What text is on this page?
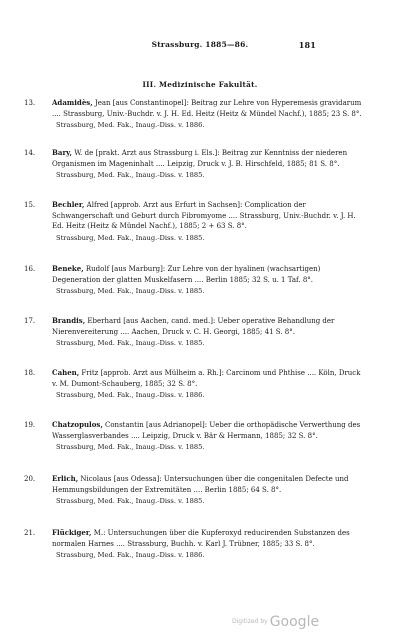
Strassburg. 1885—86.	181
III. Medizinische Fakultät.
13.	Adamidès, Jean [aus Constantinopel]: Beitrag zur Lehre von Hyperemesis gravidarum .... Strassburg, Univ.-Buchdr. v. J. H. Ed. Heitz (Heitz & Mündel Nachf.), 1885; 23 S. 8°.
Strassburg, Med. Fak., Inaug.-Diss. v. 1886.
14.	Bary, W. de [prakt. Arzt aus Strassburg i. Els.]: Beitrag zur Kenntniss der niederen Organismen im Mageninhalt .... Leipzig, Druck v. J. B. Hirschfeld, 1885; 81 S. 8°.
Strassburg, Med. Fak., Inaug.-Diss. v. 1885.
15.	Bechler, Alfred [approb. Arzt aus Erfurt in Sachsen]: Complication der Schwangerschaft und Geburt durch Fibromyome .... Strassburg, Univ.-Buchdr. v. J. H. Ed. Heitz (Heitz & Mündel Nachf.), 1885; 2 + 63 S. 8°.
Strassburg, Med. Fak., Inaug.-Diss. v. 1885.
16.	Beneke, Rudolf [aus Marburg]: Zur Lehre von der hyalinen (wachsartigen) Degeneration der glatten Muskelfasern .... Berlin 1885; 32 S. u. 1 Taf. 8°.
Strassburg, Med. Fak., Inaug.-Diss. v. 1885.
17.	Brandis, Eberhard [aus Aachen, cand. med.]: Ueber operative Behandlung der Nierenvereiterung .... Aachen, Druck v. C. H. Georgi, 1885; 41 S. 8°.
Strassburg, Med. Fak., Inaug.-Diss. v. 1885.
18.	Cahen, Fritz [approb. Arzt aus Mülheim a. Rh.]: Carcinom und Phthise .... Köln, Druck v. M. Dumont-Schauberg, 1885; 32 S. 8°.
Strassburg, Med. Fak., Inaug.-Diss. v. 1886.
19.	Chatzopulos, Constantin [aus Adrianopel]: Ueber die orthopädische Verwerthung des Wasserglasverbandes .... Leipzig, Druck v. Bär & Hermann, 1885; 32 S. 8°.
Strassburg, Med. Fak., Inaug.-Diss. v. 1885.
20.	Erlich, Nicolaus [aus Odessa]: Untersuchungen über die congenitalen Defecte und Hemmungsbildungen der Extremitäten .... Berlin 1885; 64 S. 8°.
Strassburg, Med. Fak., Inaug.-Diss. v. 1885.
21.	Flückiger, M.: Untersuchungen über die Kupferoxyd reducirenden Substanzen des normalen Harnes .... Strassburg, Buchh. v. Karl J. Trübner, 1885; 33 S. 8°.
Strassburg, Med. Fak., Inaug.-Diss. v. 1886.
Digitized by Google
